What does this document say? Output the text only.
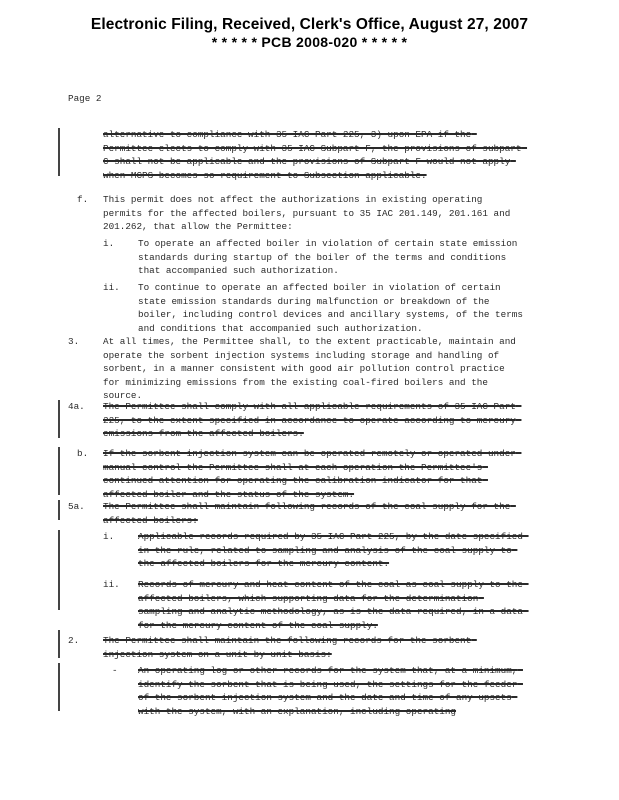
Electronic Filing, Received, Clerk's Office, August 27, 2007
* * * * * PCB 2008-020 * * * * *
Page 2
alternative to compliance with 35 IAC Part 225, 3) upon EPA if the Permittee elects to comply with 35 IAC Subpart F, the provisions of subpart C shall not be applicable and the provisions of Subpart F would not apply when MCPS becomes so-requirement to Subsection applicable.
f. This permit does not affect the authorizations in existing operating permits for the affected boilers, pursuant to 35 IAC 201.149, 201.161 and 201.262, that allow the Permittee:
i.	To operate an affected boiler in violation of certain state emission standards during startup of the boiler of the terms and conditions that accompanied such authorization.
ii. To continue to operate an affected boiler in violation of certain state emission standards during malfunction or breakdown of the boiler, including control devices and ancillary systems, of the terms and conditions that accompanied such authorization.
3.	At all times, the Permittee shall, to the extent practicable, maintain and operate the sorbent injection systems including storage and handling of sorbent, in a manner consistent with good air pollution control practice for minimizing emissions from the existing coal-fired boilers and the source.
4a. The Permittee shall comply with all applicable requirements of 35 IAC Part 225, to the extent specified in accordance to operate according to mercury emissions from the affected boilers.
b. If the sorbent injection system can be operated remotely or operated under manual control the Permittee shall at each operation the Permittee's continued attention for operating the calibration indicator for that affected boiler and the status of the system.
5a. The Permittee shall maintain following records of the coal supply for the affected boilers:
i.	Applicable records required by 35 IAC Part 225, by the date specified in the rule, related to sampling and analysis of the coal supply to the affected boilers for the mercury content.
ii. Records of mercury and heat content of the coal as coal supply to the affected boilers, which supporting data for the determination sampling and analytic methodology, as is the data required, in a data for the mercury content of the coal supply.
2.	The Permittee shall maintain the following records for the sorbent injection system on a unit-by-unit basis:
- An operating log or other records for the system that, at a minimum, identify the sorbent that is being used, the settings for the feeder of the sorbent injection system and the date and time of any upsets with the system, with an explanation, including operating
